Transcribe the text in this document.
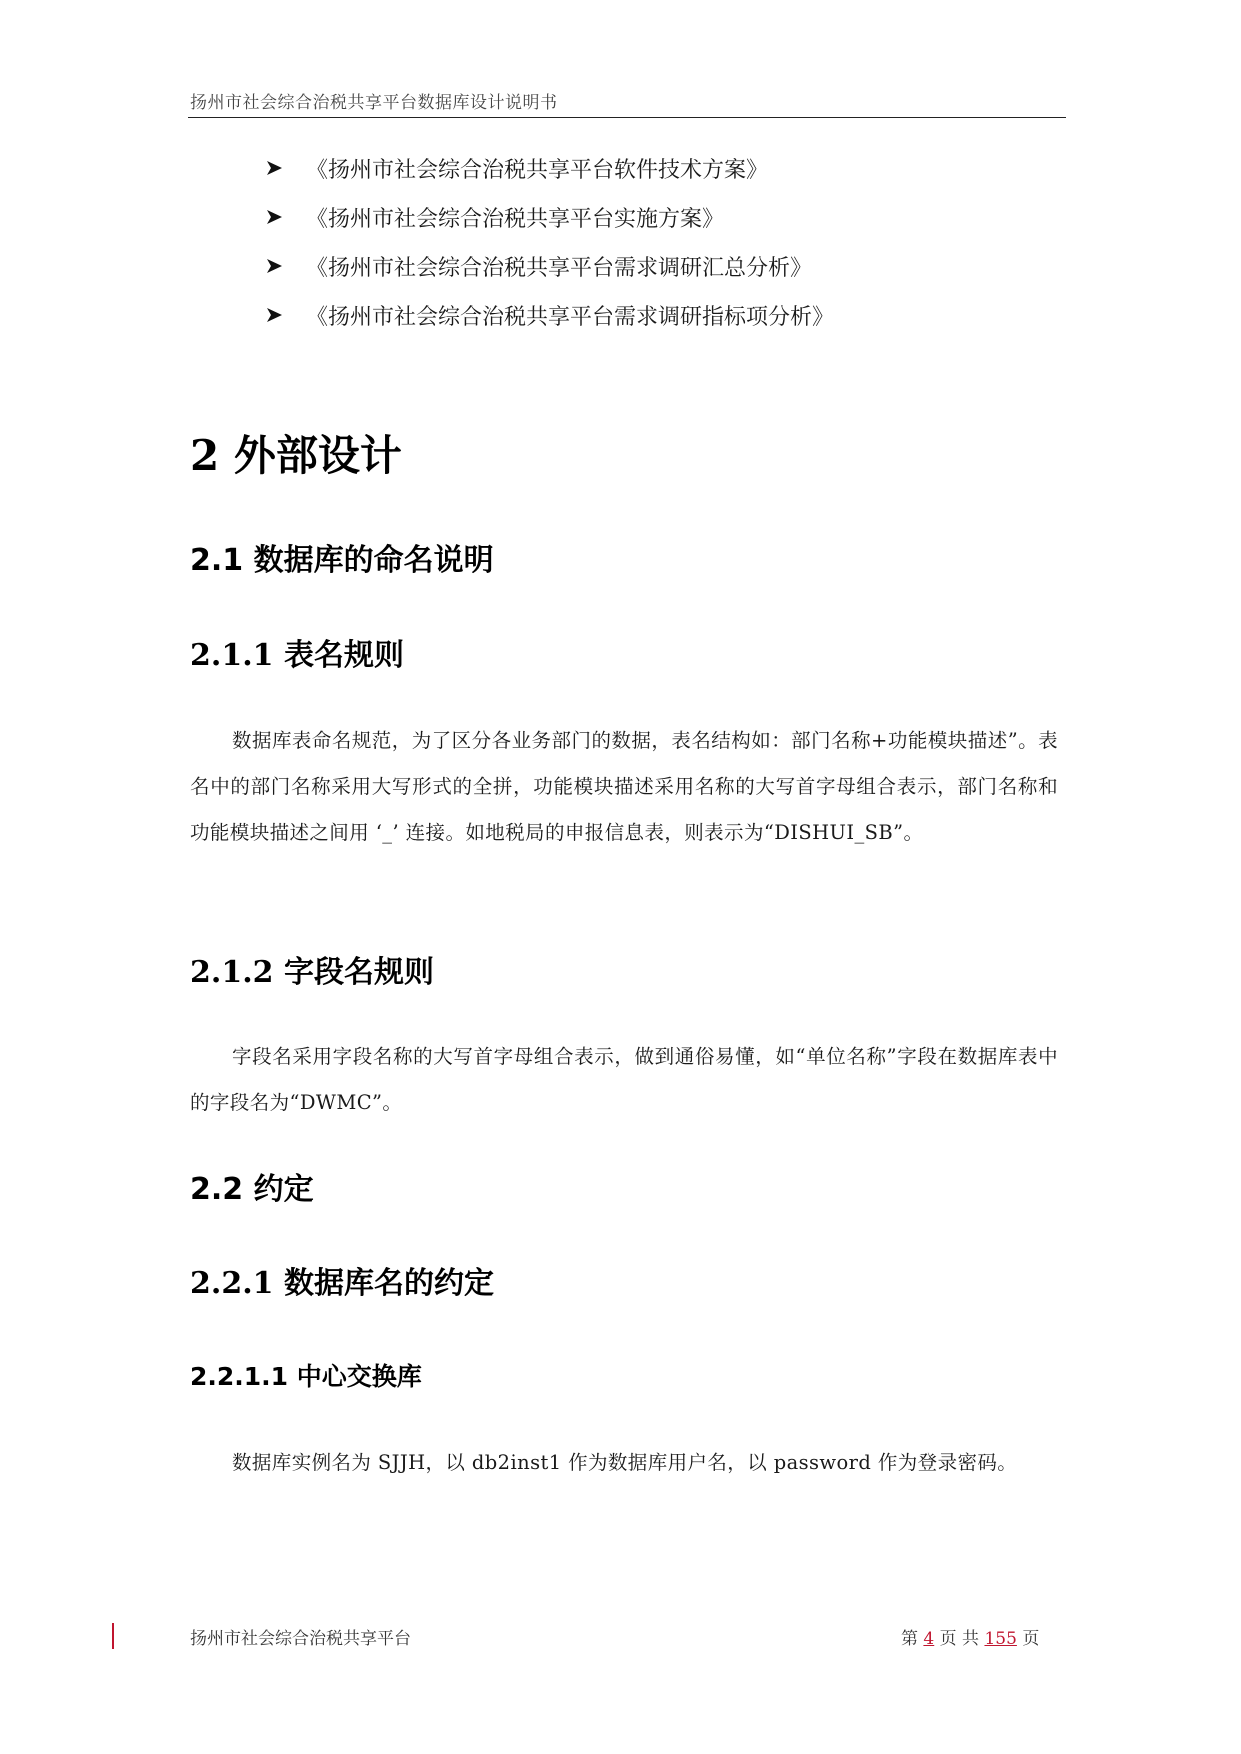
扬州市社会综合治税共享平台数据库设计说明书
《扬州市社会综合治税共享平台软件技术方案》
《扬州市社会综合治税共享平台实施方案》
《扬州市社会综合治税共享平台需求调研汇总分析》
《扬州市社会综合治税共享平台需求调研指标项分析》
2 外部设计
2.1 数据库的命名说明
2.1.1 表名规则
数据库表命名规范，为了区分各业务部门的数据，表名结构如：部门名称+功能模块描述”。表名中的部门名称采用大写形式的全拼，功能模块描述采用名称的大写首字母组合表示，部门名称和功能模块描述之间用 ‘_’ 连接。如地税局的申报信息表，则表示为“DISHUI_SB”。
2.1.2 字段名规则
字段名采用字段名称的大写首字母组合表示，做到通俗易懂，如“单位名称”字段在数据库表中的字段名为“DWMC”。
2.2 约定
2.2.1 数据库名的约定
2.2.1.1 中心交换库
数据库实例名为 SJJH，以 db2inst1 作为数据库用户名，以 password 作为登录密码。
扬州市社会综合治税共享平台	第 4 页 共 155 页
